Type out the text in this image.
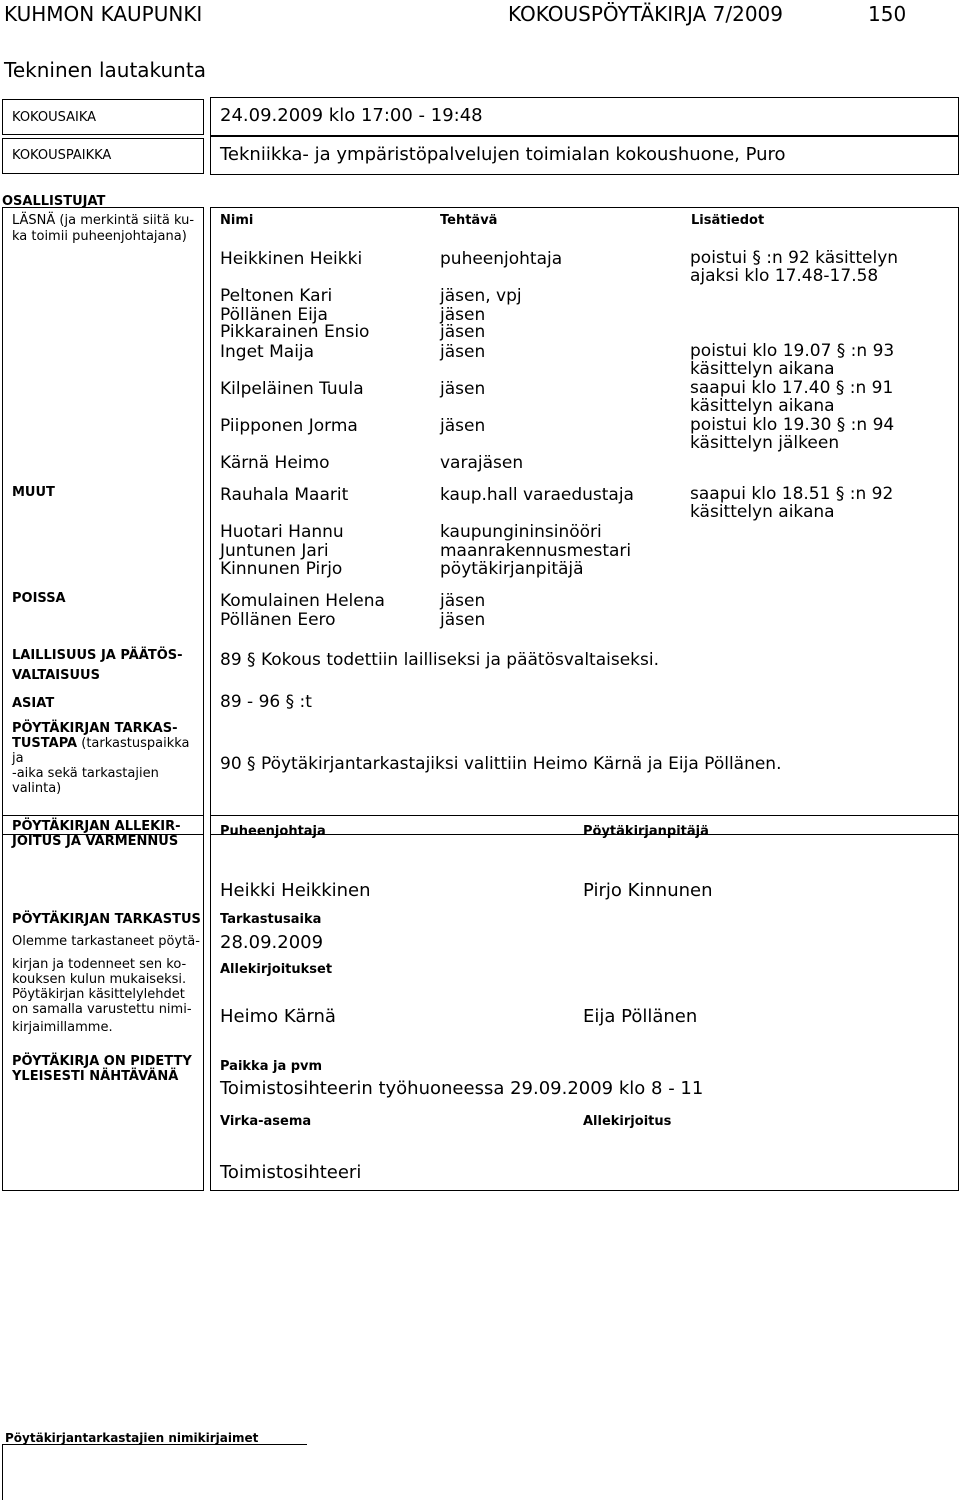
KUHMON KAUPUNKI	KOKOUSPÖYTÄKIRJA 7/2009	150
Tekninen lautakunta
KOKOUSAIKA	24.09.2009 klo 17:00 - 19:48
KOKOUSPAIKKA	Tekniikka- ja ympäristöpalvelujen toimialan kokoushuone, Puro
OSALLISTUJAT
LÄSNÄ (ja merkintä siitä ku-
ka toimii puheenjohtajana)
Nimi	Tehtävä	Lisätiedot
Heikkinen Heikki	puheenjohtaja	poistui § :n 92 käsittelyn
ajaksi klo 17.48-17.58
Peltonen Kari	jäsen, vpj
Pöllänen Eija	jäsen
Pikkarainen Ensio	jäsen
Inget Maija	jäsen	poistui klo 19.07 § :n 93
käsittelyn aikana
Kilpeläinen Tuula	jäsen	saapui klo 17.40 § :n 91
käsittelyn aikana
Piipponen Jorma	jäsen	poistui klo 19.30 § :n 94
käsittelyn jälkeen
Kärnä Heimo	varajäsen
MUUT	Rauhala Maarit	kaup.hall varaedustaja	saapui klo 18.51 § :n 92
käsittelyn aikana
Huotari Hannu	kaupungininsinööri
Juntunen Jari	maanrakennusmestari
Kinnunen Pirjo	pöytäkirjanpitäjä
POISSA	Komulainen Helena	jäsen
Pöllänen Eero	jäsen
LAILLISUUS JA PÄÄTÖS-
VALTAISUUS
89 § Kokous todettiin lailliseksi ja päätösvaltaiseksi.
ASIAT	89 - 96 § :t
PÖYTÄKIRJAN TARKAS-
TUSTAPA (tarkastuspaikka
ja
-aika sekä tarkastajien
valinta)
90 § Pöytäkirjantarkastajiksi valittiin Heimo Kärnä ja Eija Pöllänen.
PÖYTÄKIRJAN ALLEKIR-
JOITUS JA VARMENNUS
Puheenjohtaja	Pöytäkirjanpitäjä
Heikki Heikkinen	Pirjo Kinnunen
PÖYTÄKIRJAN TARKASTUS
Olemme tarkastaneet pöytä-
kirjan ja todenneet sen ko-
kouksen kulun mukaiseksi.
Pöytäkirjan käsittelylehdet
on samalla varustettu nimi-
kirjaimillamme.
Tarkastusaika
28.09.2009
Allekirjoitukset
Heimo Kärnä	Eija Pöllänen
PÖYTÄKIRJA ON PIDETTY
YLEISESTI NÄHTÄVÄNÄ
Paikka ja pvm
Toimistosihteerin työhuoneessa 29.09.2009 klo 8 - 11
Virka-asema	Allekirjoitus
Toimistosihteeri
Pöytäkirjantarkastajien nimikirjaimet
